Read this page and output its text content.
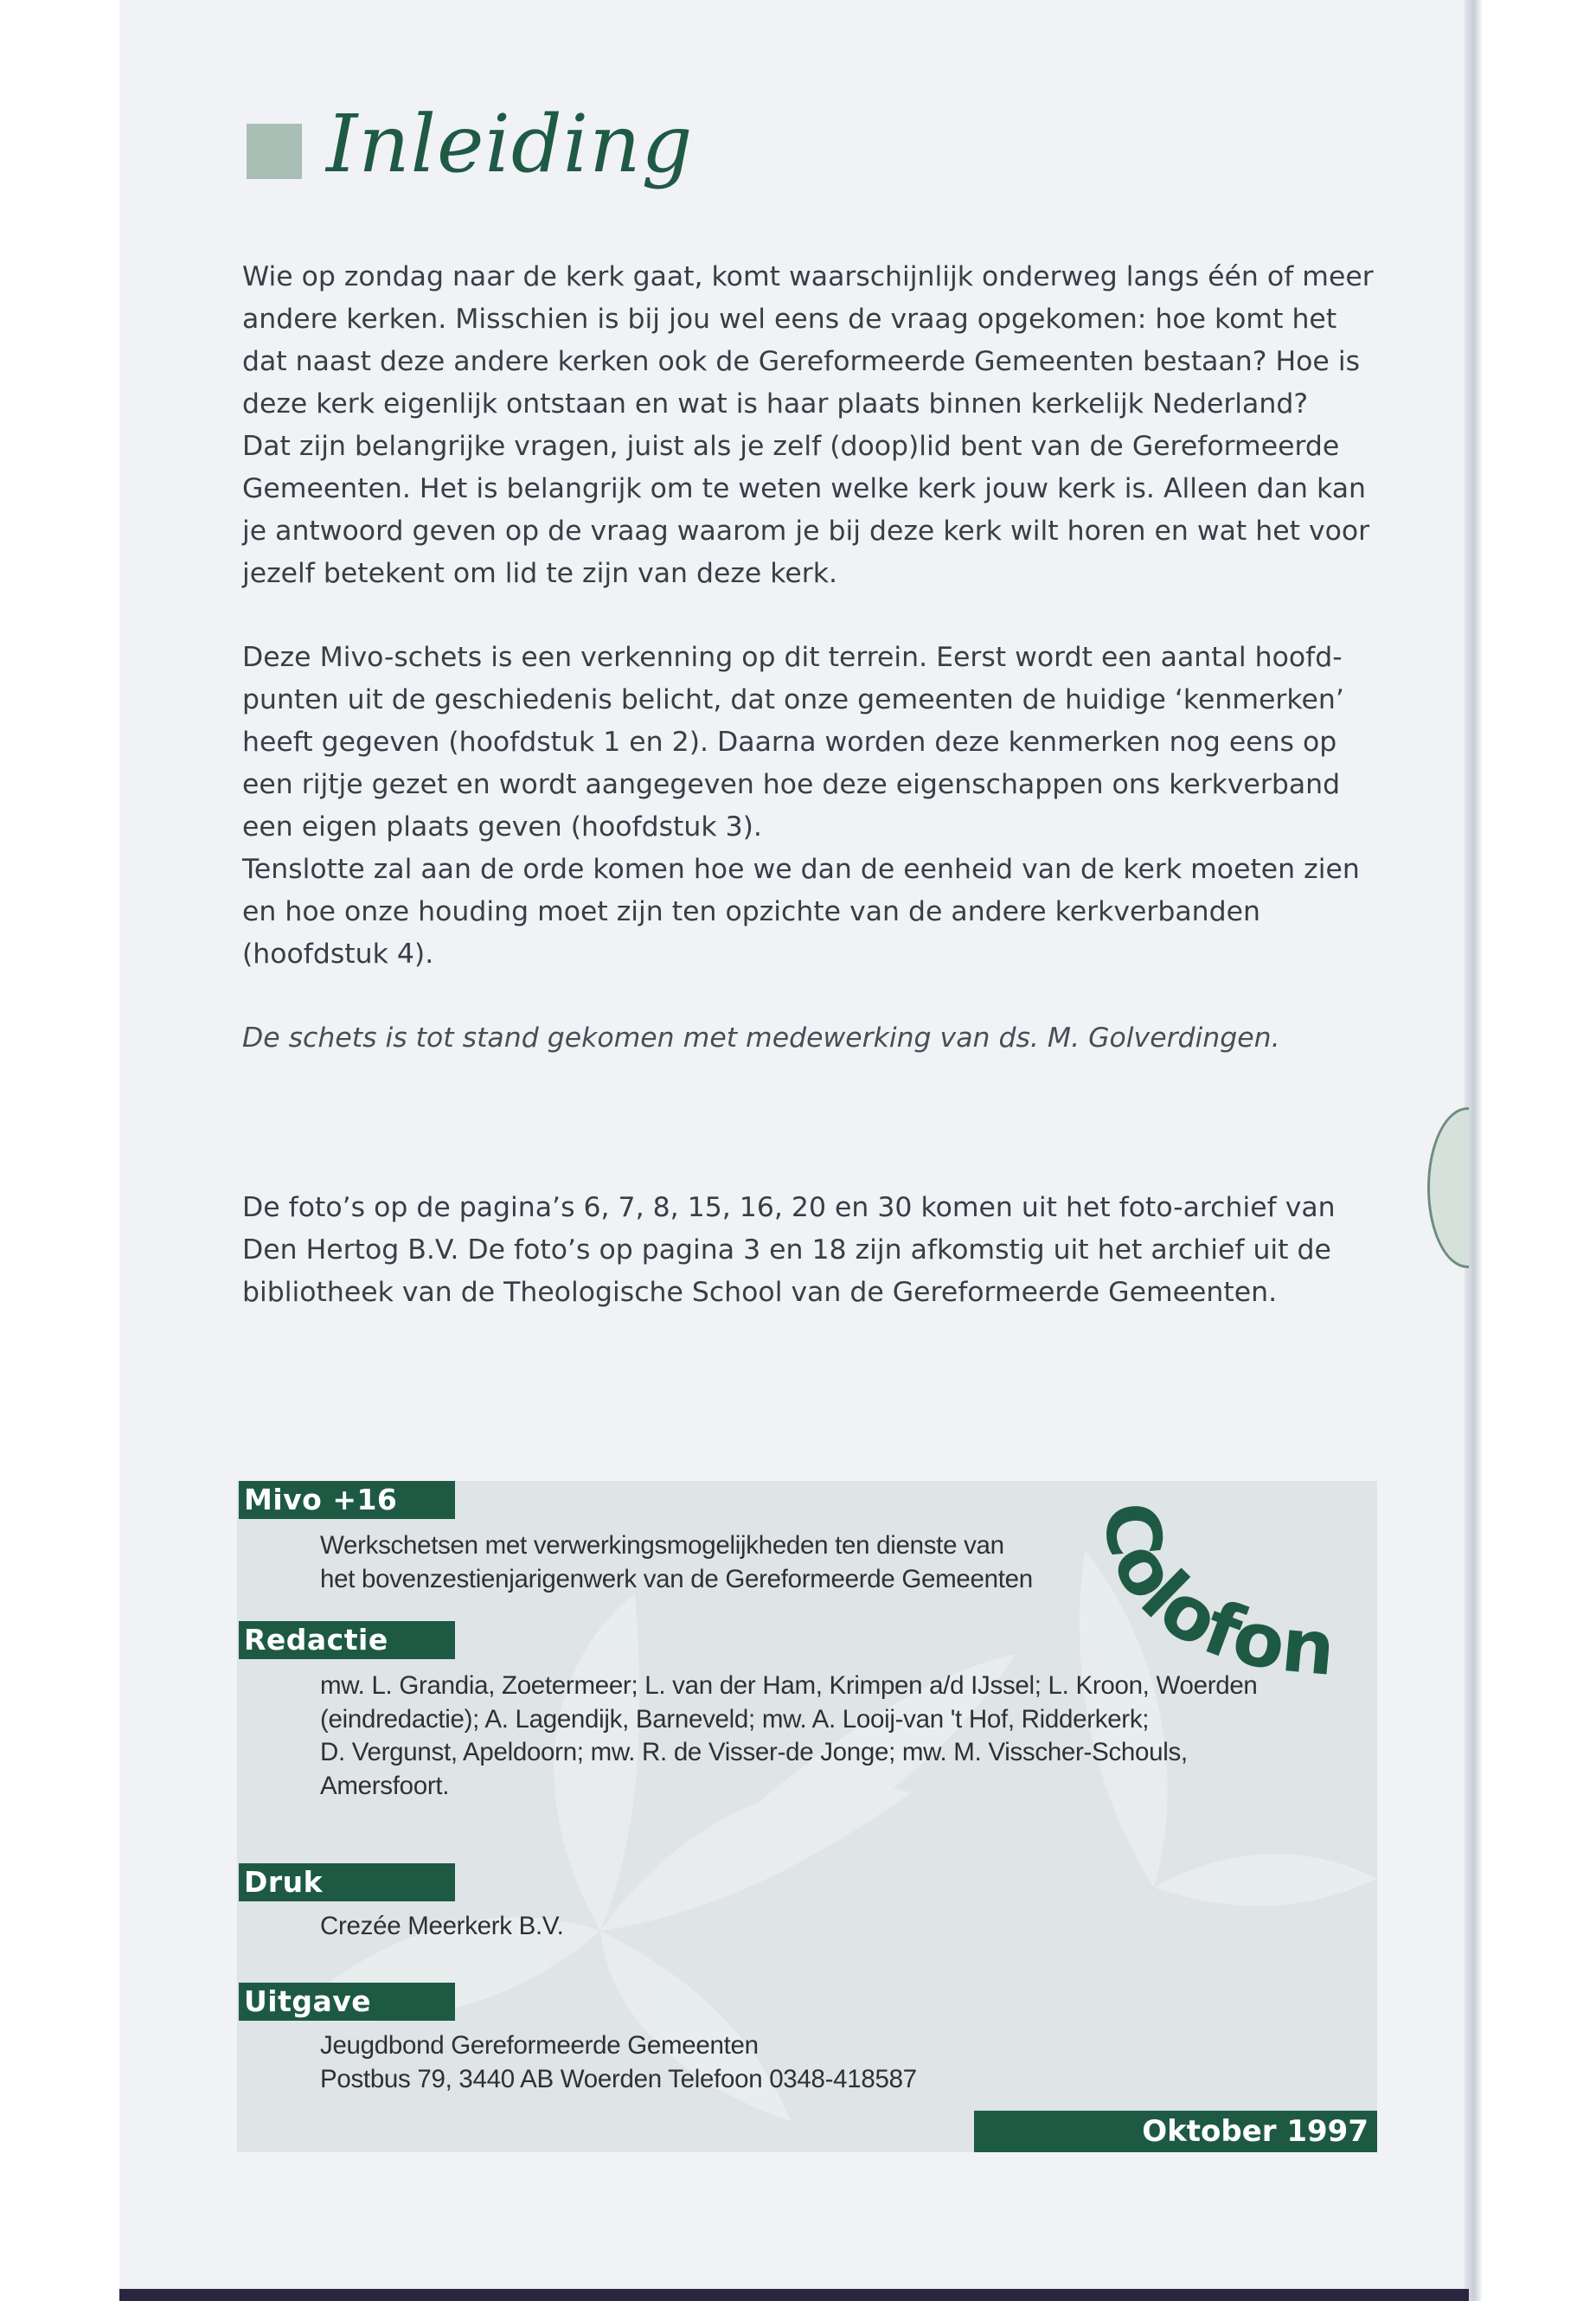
Inleiding

Wie op zondag naar de kerk gaat, komt waarschijnlijk onderweg langs één of meer

andere kerken. Misschien is bij jou wel eens de vraag opgekomen: hoe komt het

dat naast deze andere kerken ook de Gereformeerde Gemeenten bestaan? Hoe is

deze kerk eigenlijk ontstaan en wat is haar plaats binnen kerkelijk Nederland?

Dat zijn belangrijke vragen, juist als je zelf (doop)lid bent van de Gereformeerde

Gemeenten. Het is belangrijk om te weten welke kerk jouw kerk is. Alleen dan kan

je antwoord geven op de vraag waarom je bij deze kerk wilt horen en wat het voor

jezelf betekent om lid te zijn van deze kerk.

Deze Mivo-schets is een verkenning op dit terrein. Eerst wordt een aantal hoofd-

punten uit de geschiedenis belicht, dat onze gemeenten de huidige ‘kenmerken’

heeft gegeven (hoofdstuk 1 en 2). Daarna worden deze kenmerken nog eens op

een rijtje gezet en wordt aangegeven hoe deze eigenschappen ons kerkverband

een eigen plaats geven (hoofdstuk 3).

Tenslotte zal aan de orde komen hoe we dan de eenheid van de kerk moeten zien

en hoe onze houding moet zijn ten opzichte van de andere kerkverbanden

(hoofdstuk 4).

De schets is tot stand gekomen met medewerking van ds. M. Golverdingen.

De foto’s op de pagina’s 6, 7, 8, 15, 16, 20 en 30 komen uit het foto-archief van

Den Hertog B.V. De foto’s op pagina 3 en 18 zijn afkomstig uit het archief uit de

bibliotheek van de Theologische School van de Gereformeerde Gemeenten.

Mivo +16

Werkschetsen met verwerkingsmogelijkheden ten dienste van

het bovenzestienjarigenwerk van de Gereformeerde Gemeenten

Redactie

mw. L. Grandia, Zoetermeer; L. van der Ham, Krimpen a/d IJssel; L. Kroon, Woerden

(eindredactie); A. Lagendijk, Barneveld; mw. A. Looij-van 't Hof, Ridderkerk;

D. Vergunst, Apeldoorn; mw. R. de Visser-de Jonge; mw. M. Visscher-Schouls,

Amersfoort.

Druk

Crezée Meerkerk B.V.

Uitgave

Jeugdbond Gereformeerde Gemeenten

Postbus 79, 3440 AB Woerden Telefoon 0348-418587

Oktober 1997
Colofon
